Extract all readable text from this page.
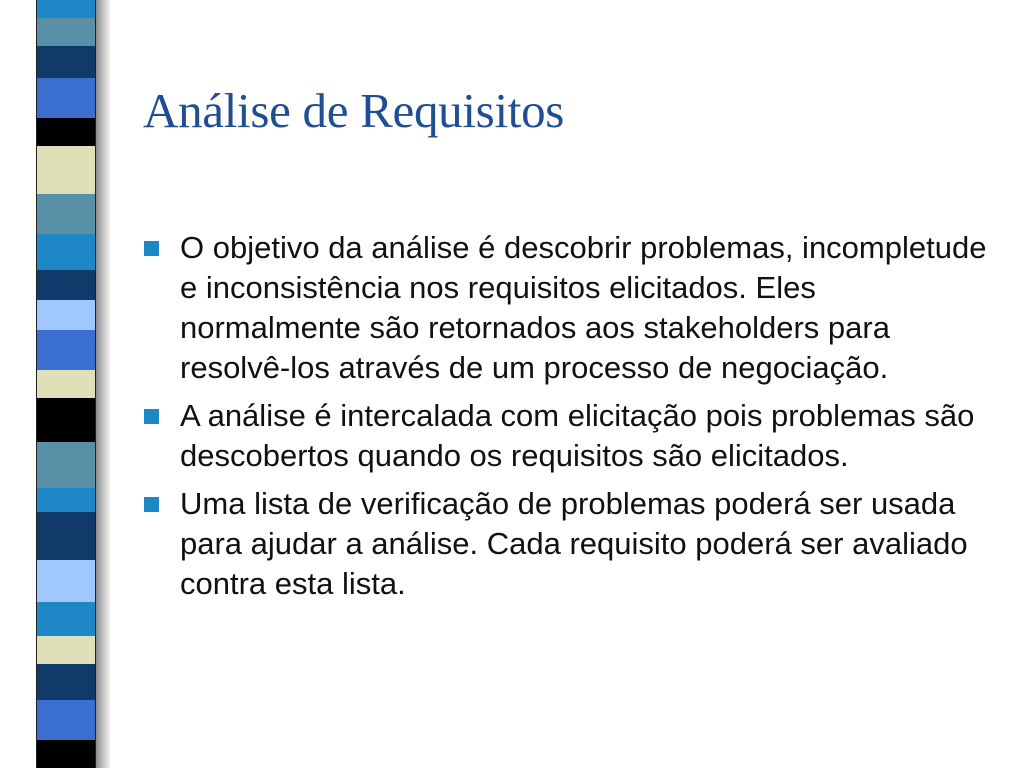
Análise de Requisitos
O objetivo da análise é descobrir problemas, incompletude e inconsistência nos requisitos elicitados. Eles normalmente são retornados aos stakeholders para resolvê-los através de um processo de negociação.
A análise é intercalada com elicitação pois problemas são descobertos quando os requisitos são elicitados.
Uma lista de verificação de problemas poderá ser usada para ajudar a análise. Cada requisito poderá ser avaliado contra esta lista.
